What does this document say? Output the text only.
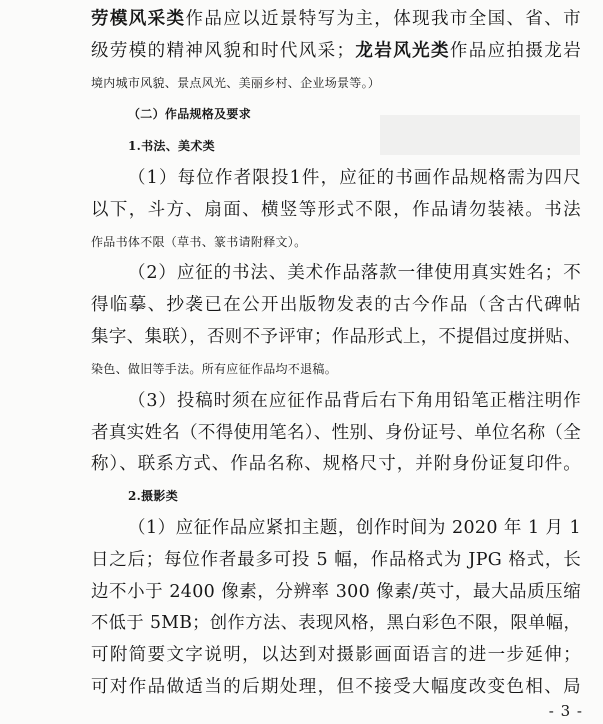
劳模风采类作品应以近景特写为主，体现我市全国、省、市
级劳模的精神风貌和时代风采；龙岩风光类作品应拍摄龙岩
境内城市风貌、景点风光、美丽乡村、企业场景等。）
（二）作品规格及要求
1.书法、美术类
（1）每位作者限投1件，应征的书画作品规格需为四尺
以下，斗方、扇面、横竖等形式不限，作品请勿装裱。书法
作品书体不限（草书、篆书请附释文）。
（2）应征的书法、美术作品落款一律使用真实姓名；不
得临摹、抄袭已在公开出版物发表的古今作品（含古代碑帖
集字、集联），否则不予评审；作品形式上，不提倡过度拼贴、
染色、做旧等手法。所有应征作品均不退稿。
（3）投稿时须在应征作品背后右下角用铅笔正楷注明作
者真实姓名（不得使用笔名）、性别、身份证号、单位名称（全
称）、联系方式、作品名称、规格尺寸，并附身份证复印件。
2.摄影类
（1）应征作品应紧扣主题，创作时间为 2020 年 1 月 1
日之后；每位作者最多可投 5 幅，作品格式为 JPG 格式，长
边不小于 2400 像素，分辨率 300 像素/英寸，最大品质压缩
不低于 5MB；创作方法、表现风格，黑白彩色不限，限单幅，
可附简要文字说明，以达到对摄影画面语言的进一步延伸；
可对作品做适当的后期处理，但不接受大幅度改变色相、局
- 3 -
